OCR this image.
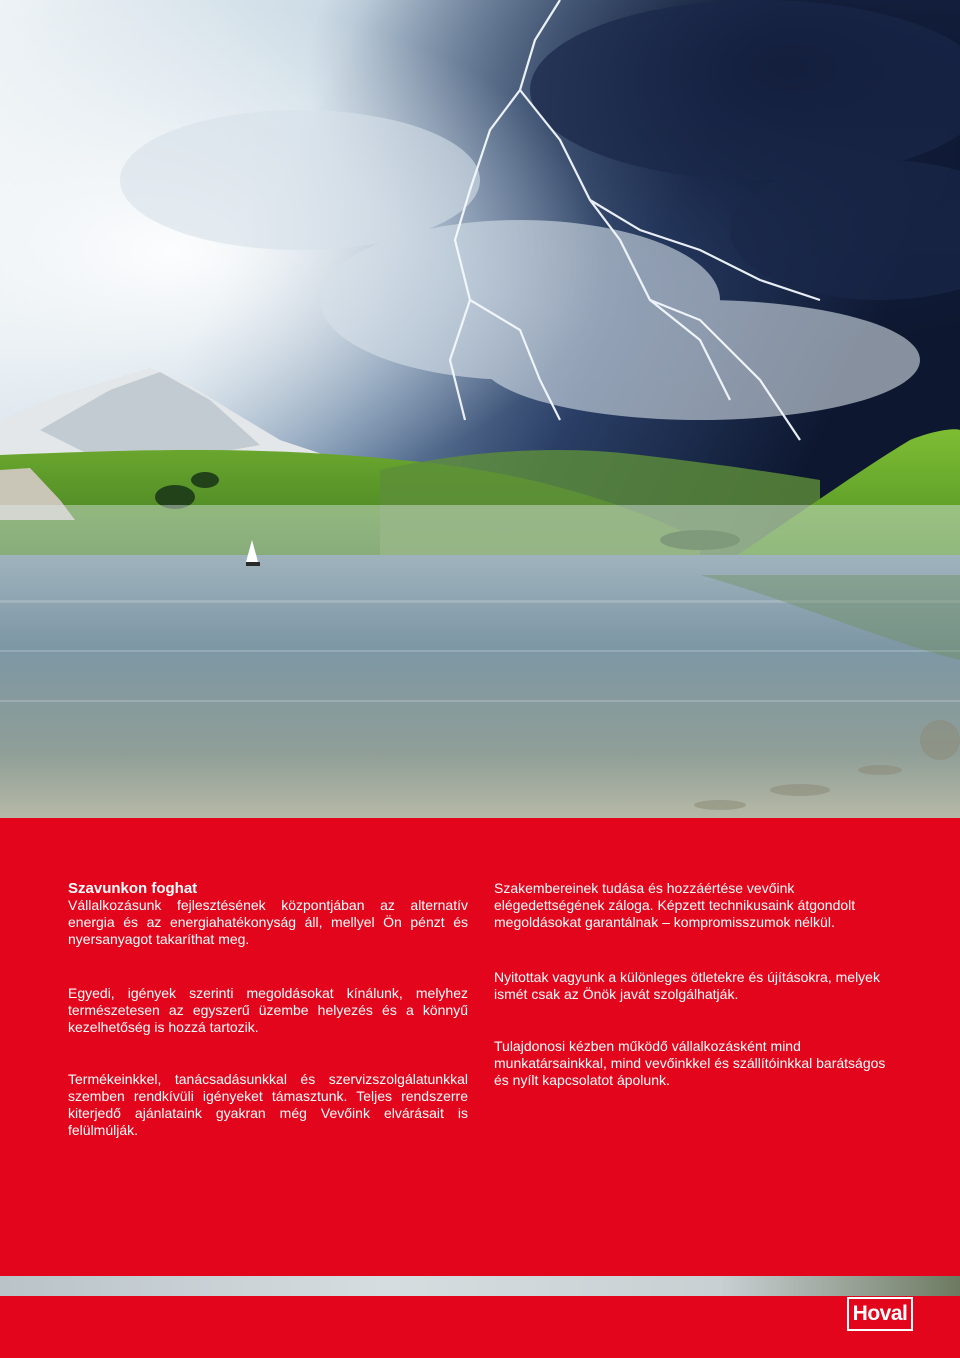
Szavunkon foghat

Vállalkozásunk fejlesztésének központjában az alternatív energia és az energiahatékonyság áll, mellyel Ön pénzt és nyersanyagot takaríthat meg.

Egyedi, igények szerinti megoldásokat kínálunk, melyhez természetesen az egyszerű üzembe helyezés és a könnyű kezelhetőség is hozzá tartozik.

Termékeinkkel, tanácsadásunkkal és szervizszolgálatunkkal szemben rendkívüli igényeket támasztunk. Teljes rendszerre kiterjedő ajánlataink gyakran még Vevőink elvárásait is felülmúlják.

Szakembereinek tudása és hozzáértése vevőink elégedettségének záloga. Képzett technikusaink átgondolt megoldásokat garantálnak – kompromisszumok nélkül.

Nyitottak vagyunk a különleges ötletekre és újításokra, melyek ismét csak az Önök javát szolgálhatják.

Tulajdonosi kézben működő vállalkozásként mind munkatársainkkal, mind vevőinkkel és szállítóinkkal barátságos és nyílt kapcsolatot ápolunk.

Hoval
